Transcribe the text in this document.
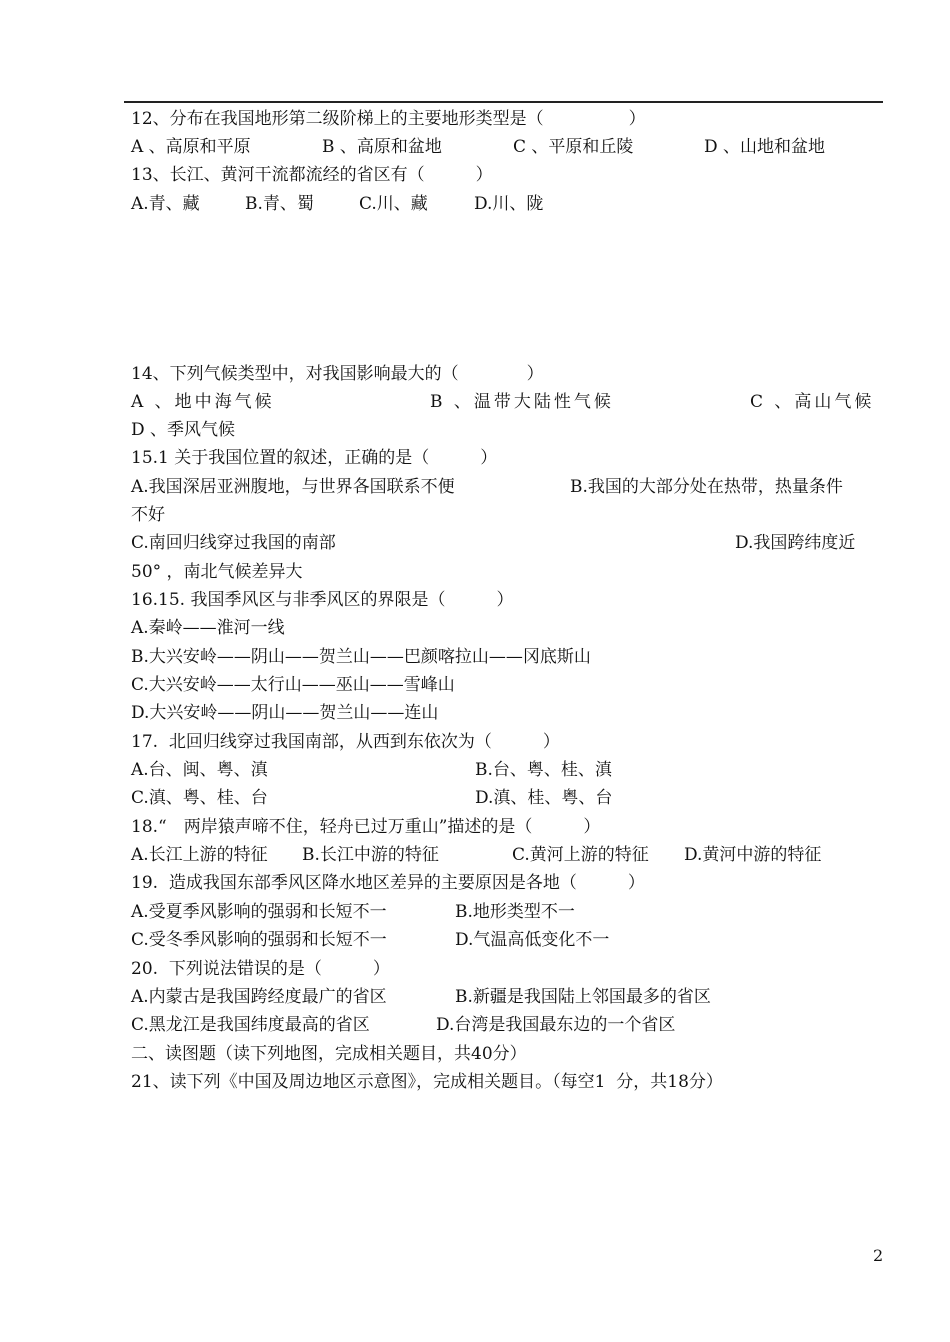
12、分布在我国地形第二级阶梯上的主要地形类型是（　　　　　）
A 、高原和平原	B 、高原和盆地	C 、平原和丘陵	D 、山地和盆地
13、长江、黄河干流都流经的省区有（　　　）
A.青、藏	B.青、蜀	C.川、藏	D.川、陇
14、下列气候类型中，对我国影响最大的（　　　　）
A 、地中海气候	B 、温带大陆性气候	C 、高山气候
D 、季风气候
15.1 关于我国位置的叙述，正确的是（　　　）
A.我国深居亚洲腹地，与世界各国联系不便	B.我国的大部分处在热带，热量条件
不好
C.南回归线穿过我国的南部	D.我国跨纬度近
50° ，南北气候差异大
16.15. 我国季风区与非季风区的界限是（　　　）
A.秦岭——淮河一线
B.大兴安岭——阴山——贺兰山——巴颜喀拉山——冈底斯山
C.大兴安岭——太行山——巫山——雪峰山
D.大兴安岭——阴山——贺兰山——连山
17.  北回归线穿过我国南部，从西到东依次为（　　　）
A.台、闽、粤、滇	B.台、粤、桂、滇
C.滇、粤、桂、台	D.滇、桂、粤、台
18.“　两岸猿声啼不住，轻舟已过万重山”描述的是（　　　）
A.长江上游的特征 B.长江中游的特征	C.黄河上游的特征 D.黄河中游的特征
19.  造成我国东部季风区降水地区差异的主要原因是各地（　　　）
A.受夏季风影响的强弱和长短不一	B.地形类型不一
C.受冬季风影响的强弱和长短不一	D.气温高低变化不一
20.  下列说法错误的是（　　　）
A.内蒙古是我国跨经度最广的省区	B.新疆是我国陆上邻国最多的省区
C.黑龙江是我国纬度最高的省区	D.台湾是我国最东边的一个省区
二、读图题（读下列地图，完成相关题目，共40分）
21、读下列《中国及周边地区示意图》，完成相关题目。（每空1  分，共18分）
2
